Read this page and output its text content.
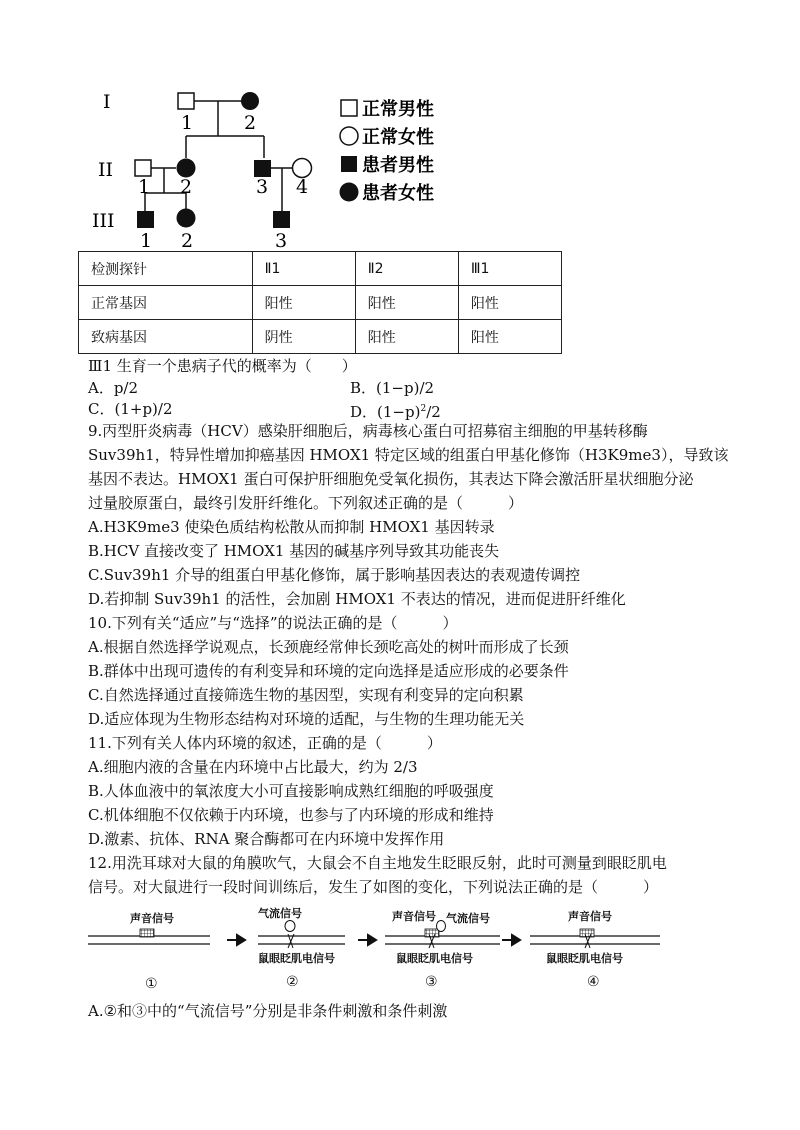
I
II
III
1	2
1 2	3 4
1 2	3
正常男性
正常女性
患者男性
患者女性
检测探针	Ⅱ1	Ⅱ2	Ⅲ1
正常基因	阳性	阳性	阳性
致病基因	阴性	阳性	阳性
Ⅲ1 生育一个患病子代的概率为（　　）
A．p/2	B．(1−p)/2
C．(1+p)/2	D．$(1-p)^2/2$
9.丙型肝炎病毒（HCV）感染肝细胞后，病毒核心蛋白可招募宿主细胞的甲基转移酶
Suv39h1，特异性增加抑癌基因 HMOX1 特定区域的组蛋白甲基化修饰（H3K9me3），导致该
基因不表达。HMOX1 蛋白可保护肝细胞免受氧化损伤，其表达下降会激活肝星状细胞分泌
过量胶原蛋白，最终引发肝纤维化。下列叙述正确的是（　　　）
A.H3K9me3 使染色质结构松散从而抑制 HMOX1 基因转录
B.HCV 直接改变了 HMOX1 基因的碱基序列导致其功能丧失
C.Suv39h1 介导的组蛋白甲基化修饰，属于影响基因表达的表观遗传调控
D.若抑制 Suv39h1 的活性，会加剧 HMOX1 不表达的情况，进而促进肝纤维化
10.下列有关“适应”与“选择”的说法正确的是（　　　）
A.根据自然选择学说观点，长颈鹿经常伸长颈吃高处的树叶而形成了长颈
B.群体中出现可遗传的有利变异和环境的定向选择是适应形成的必要条件
C.自然选择通过直接筛选生物的基因型，实现有利变异的定向积累
D.适应体现为生物形态结构对环境的适配，与生物的生理功能无关
11.下列有关人体内环境的叙述，正确的是（　　　）
A.细胞内液的含量在内环境中占比最大，约为 2/3
B.人体血液中的氧浓度大小可直接影响成熟红细胞的呼吸强度
C.机体细胞不仅依赖于内环境，也参与了内环境的形成和维持
D.激素、抗体、RNA 聚合酶都可在内环境中发挥作用
12.用洗耳球对大鼠的角膜吹气，大鼠会不自主地发生眨眼反射，此时可测量到眼眨肌电
信号。对大鼠进行一段时间训练后，发生了如图的变化，下列说法正确的是（　　　）
声音信号
①
气流信号
鼠眼眨肌电信号
②
声音信号 气流信号
鼠眼眨肌电信号
③
声音信号
鼠眼眨肌电信号
④
A.②和③中的“气流信号”分别是非条件刺激和条件刺激
